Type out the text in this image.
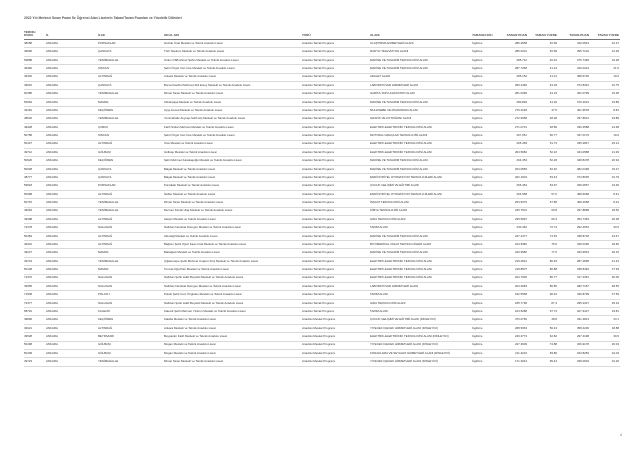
2022 Yılı Merkezi Sınav Puanı İle Öğrenci Alan Liselerin Taban/Tavan Puanları ve Yüzdelik Dilimleri
TERCİH KODU	İL	İLÇE	OKUL ADI	TÜRÜ	ALANI	YABANCI DİLİ	TABAN PUAN	TABAN YÜZDE	TAVAN PUAN	TAVAN YÜZDE
48258	ANKARA	PURSAKLAR	Güzide Ünal Mesleki ve Teknik Anadolu Lisesi	Anadolu Teknik Programı	ULAŞTIRMA HİZMETLERİ ALANI	İngilizce	286.2658	40.99	340.0543	22.27
49690	ANKARA	ÇANKAYA	Türk Telekom Mesleki ve Teknik Anadolu Lisesi	Anadolu Teknik Programı	RADYO-TELEVİZYON ALANI	İngilizce	286.0201	40.99	395.7102	12.35
59888	ANKARA	YENİMAHALLE	Ostim OSB Ahmet Şahin Mesleki ve Teknik Anadolu Lisesi	Anadolu Teknik Programı	MAKİNE VE TASARIM TEKNOLOJİSİ ALANI	İngilizce	285.712	40.91	375.7448	16.28
49460	ANKARA	SİNCAN	Şehit Özgür Can İnce Mesleki ve Teknik Anadolu Lisesi	Anadolu Teknik Programı	MAKİNE VE TASARIM TEKNOLOJİSİ ALANI	İngilizce	287.7268	41.24	346.0223	21.5
49402	ANKARA	ALTINDAĞ	Ankara Mesleki ve Teknik Anadolu Lisesi	Anadolu Teknik Programı	ADALET ALANI	İngilizce	285.154	41.01	358.6736	19.6
49516	ANKARA	ÇANKAYA	Borsa İstanbul Mehmet Akif Ersoy Mesleki ve Teknik Anadolu Lisesi	Anadolu Teknik Programı	LABORATUVAR HİZMETLERİ ALANI	İngilizce	283.2466	43.18	374.8331	16.75
60485	ANKARA	YENİMAHALLE	Mimar Sinan Mesleki ve Teknik Anadolu Lisesi	Anadolu Teknik Programı	HARİTA-TAPU-KADASTRO ALANI	İngilizce	281.0099	44.19	362.0799	15.28
50664	ANKARA	MAMAK	Abidinpaşa Mesleki ve Teknik Anadolu Lisesi	Anadolu Teknik Programı	MAKİNE VE TASARIM TEKNOLOJİSİ ALANI	İngilizce	280.829	44.26	370.2624	15.89
49181	ANKARA	KEÇİÖREN	Ayşe Kemal Mesleki ve Teknik Anadolu Lisesi	Anadolu Teknik Programı	MUHASEBE VE FİNANSMAN ALANI	İngilizce	276.4148	47.5	401.6578	8.81
48532	ANKARA	YENİMAHALLE	Yenimahalle Zeynep-Salih Alp Mesleki ve Teknik Anadolu Lisesi	Anadolu Teknik Programı	GRAFİK VE FOTOĞRAF ALANI	İngilizce	272.9058	48.28	337.8601	23.89
49328	ANKARA	ÇUBUK	Fatih Sultan Mehmet Mesleki ve Teknik Anadolu Lisesi	Anadolu Teknik Programı	ELEKTRİK-ELEKTRONİK TEKNOLOJİSİ ALANI	İngilizce	271.0731	48.89	336.4588	24.68
50758	ANKARA	SİNCAN	Şehit Özgür Can İnce Mesleki ve Teknik Anadolu Lisesi	Anadolu Teknik Programı	MOTORLU ARAÇLAR TEKNOLOJİSİ ALANI	İngilizce	267.051	50.77	337.0179	19.6
50427	ANKARA	ALTINDAĞ	Ulus Mesleki ve Teknik Anadolu Lisesi	Anadolu Teknik Programı	ELEKTRİK-ELEKTRONİK TEKNOLOJİSİ ALANI	İngilizce	265.459	51.73	335.2847	25.14
49712	ANKARA	GÖLBAŞI	Gölbaşı Mesleki ve Teknik Anadolu Lisesi	Anadolu Teknik Programı	ELEKTRİK-ELEKTRONİK TEKNOLOJİSİ ALANI	İngilizce	264.5682	52.16	344.0588	21.93
50920	ANKARA	KEÇİÖREN	Şehit Mehmet Karakaşoğlu Mesleki ve Teknik Anadolu Lisesi	Anadolu Teknik Programı	MAKİNE VE TASARIM TEKNOLOJİSİ ALANI	İngilizce	264.453	52.28	348.8478	20.94
50628	ANKARA	ÇANKAYA	Balgat Mesleki ve Teknik Anadolu Lisesi	Anadolu Teknik Programı	MAKİNE VE TASARIM TEKNOLOJİSİ ALANI	İngilizce	264.0556	52.46	382.0438	15.27
48777	ANKARA	ÇANKAYA	Balgat Mesleki ve Teknik Anadolu Lisesi	Anadolu Teknik Programı	ENDÜSTRİYEL OTOMASYON TEKNOLOJİLERİ ALANI	İngilizce	262.1904	53.43	374.8035	16.79
59918	ANKARA	PURSAKLAR	Pursaklar Mesleki ve Teknik Anadolu Lisesi	Anadolu Teknik Programı	ÇOCUK GELİŞİMİ VE EĞİTİMİ ALANI	İngilizce	256.454	54.97	336.0567	23.36
50688	ANKARA	ALTINDAĞ	İskitler Mesleki ve Teknik Anadolu Lisesi	Anadolu Teknik Programı	ENDÜSTRİYEL OTOMASYON TEKNOLOJİLERİ ALANI	İngilizce	254.568	57.6	408.6068	8.61
50715	ANKARA	YENİMAHALLE	Mimar Sinan Mesleki ve Teknik Anadolu Lisesi	Anadolu Teknik Programı	İNŞAAT TEKNOLOJİSİ ALANI	İngilizce	254.5379	57.85	408.2058	8.31
49064	ANKARA	YENİMAHALLE	Mermer Küçük Ulaş Mesleki ve Teknik Anadolu Lisesi	Anadolu Teknik Programı	KİMYA TEKNOLOJİSİ ALANI	İngilizce	245.7501	60.8	337.8898	18.52
49398	ANKARA	ALTINDAĞ	Aletçin Mesleki ve Teknik Anadolu Lisesi	Anadolu Teknik Programı	GIDA TEKNOLOJİSİ ALANI	İngilizce	235.5997	66.3	353.7453	20.28
72278	ANKARA	NALLIHAN	Nallıhan Nezahat Dumgen Mesleki ve Teknik Anadolu Lisesi	Anadolu Teknik Programı	TARIM ALANI	İngilizce	230.462	72.73	292.2654	33.6
50484	ANKARA	ALTINDAĞ	Altındağ Mesleki ve Teknik Anadolu Lisesi	Anadolu Teknik Programı	MAKİNE VE TASARIM TEKNOLOJİSİ ALANI	İngilizce	227.4477	74.53	338.8718	23.47
49331	ANKARA	ALTINDAĞ	Bağlum Şehit Oğuz Kaan Usta Mesleki ve Teknik Anadolu Lisesi	Anadolu Teknik Programı	BİYOMEDİKAL CİHAZ TEKNOLOJİLERİ ALANI	İngilizce	224.5382	75.6	336.0180	18.82
49247	ANKARA	MAMAK	Battalgazi Mesleki ve Teknik Anadolu Lisesi	Anadolu Teknik Programı	MAKİNE VE TASARIM TEKNOLOJİSİ ALANI	İngilizce	220.9686	77.6	333.9543	26.15
49743	ANKARA	YENİMAHALLE	Çiğdemtepe Şehit Mehmet Coşkun Kılıç Mesleki ve Teknik Anadolu Lisesi	Anadolu Teknik Programı	ELEKTRİK-ELEKTRONİK TEKNOLOJİSİ ALANI	İngilizce	219.2812	80.49	287.2838	41.43
50148	ANKARA	MAMAK	Tuncalı Oğuzhan Mesleki ve Teknik Anadolu Lisesi	Anadolu Teknik Programı	ELEKTRİK-ELEKTRONİK TEKNOLOJİSİ ALANI	İngilizce	218.8507	80.88	338.8494	27.93
72376	ANKARA	NALLIHAN	Nallıhan Şehit Hulki Beyoklü Mesleki ve Teknik Anadolu Lisesi	Anadolu Teknik Programı	ELEKTRİK-ELEKTRONİK TEKNOLOJİSİ ALANI	İngilizce	204.7936	86.77	317.2351	30.06
49355	ANKARA	NALLIHAN	Nallıhan Nezahat Dumgen Mesleki ve Teknik Anadolu Lisesi	Anadolu Teknik Programı	LABORATUVAR HİZMETLERİ ALANI	İngilizce	204.4683	86.85	280.7187	48.55
71948	ANKARA	POLATLI	Polatlı Şehit Cem Özgüden Mesleki ve Teknik Anadolu Lisesi	Anadolu Teknik Programı	TARIM ALANI	İngilizce	192.5568	90.42	336.8799	37.59
72377	ANKARA	NALLIHAN	Nallıhan Şehit Hulki Beyoklü Mesleki ve Teknik Anadolu Lisesi	Anadolu Teknik Programı	GIDA TEKNOLOJİSİ ALANI	İngilizce	185.7738	87.4	295.2327	35.34
58791	ANKARA	KALECİK	Kalecik Şehit Mehmet Yıldırım Mesleki ve Teknik Anadolu Lisesi	Anadolu Teknik Programı	TARIM ALANI	İngilizce	164.5288	97.73	327.9427	33.81
49896	ANKARA	KEÇİÖREN	Kalaba Mesleki ve Teknik Anadolu Lisesi	Anadolu Meslek Programı	ÇOCUK GELİŞİMİ VE EĞİTİMİ ALANI (DİNLEYİCİ)	İngilizce	376.0766	48.8	331.4813	23.1
49321	ANKARA	ALTINDAĞ	Ankara Mesleki ve Teknik Anadolu Lisesi	Anadolu Meslek Programı	YİYECEK İÇECEK HİZMETLERİ ALANI (DİNLEYİCİ)	İngilizce	268.5063	50.43	358.4236	18.88
49528	ANKARA	BEYPAZARI	Beypazarı Fatih Mesleki ve Teknik Anadolu Lisesi	Anadolu Meslek Programı	ELEKTRİK-ELEKTRONİK TEKNOLOJİSİ ALANI (DİNLEYİCİ)	İngilizce	249.3773	62.82	297.4198	39.5
50408	ANKARA	GÖLBAŞI	Mogan Mesleki ve Teknik Anadolu Lisesi	Anadolu Meslek Programı	YİYECEK İÇECEK HİZMETLERİ ALANI (DİNLEYİCİ)	İngilizce	227.3609	74.88	326.9178	26.03
50409	ANKARA	GÖLBAŞI	Mogan Mesleki ve Teknik Anadolu Lisesi	Anadolu Meslek Programı	KONAKLAMA VE SEYAHAT HİZMETLERİ ALANI (DİNLEYİCİ)	İngilizce	211.3216	83.86	343.8283	22.03
49723	ANKARA	YENİMAHALLE	Mimar Sinan Mesleki ve Teknik Anadolu Lisesi	Anadolu Meslek Programı	YİYECEK İÇECEK HİZMETLERİ ALANI (DİNLEYİCİ)	İngilizce	171.3044	95.44	339.0604	16.26
4
